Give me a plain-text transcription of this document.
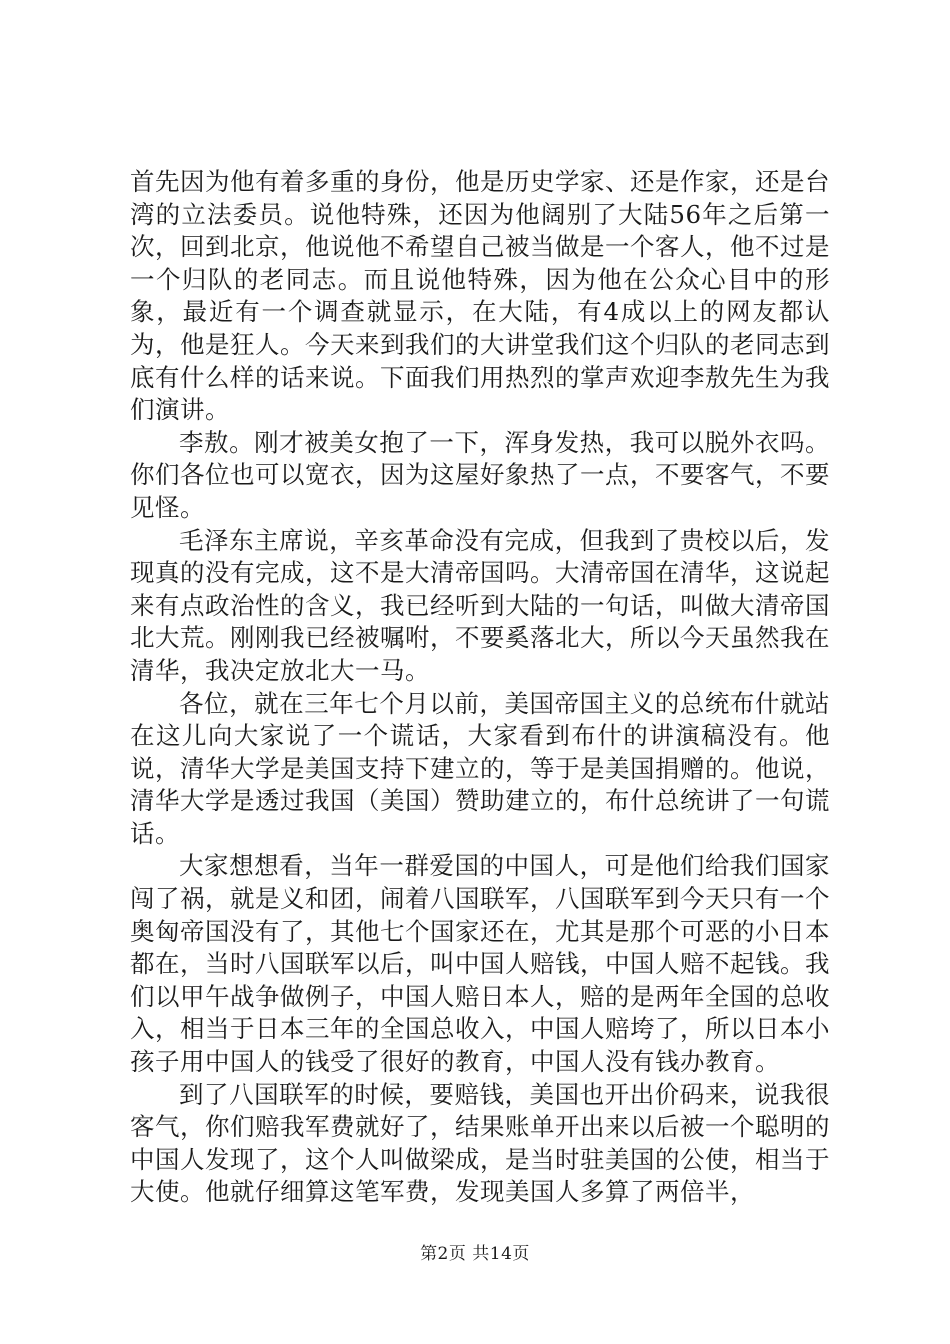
首先因为他有着多重的身份，他是历史学家、还是作家，还是台湾的立法委员。说他特殊，还因为他阔别了大陆56年之后第一次，回到北京，他说他不希望自己被当做是一个客人，他不过是一个归队的老同志。而且说他特殊，因为他在公众心目中的形象，最近有一个调查就显示，在大陆，有4成以上的网友都认为，他是狂人。今天来到我们的大讲堂我们这个归队的老同志到底有什么样的话来说。下面我们用热烈的掌声欢迎李敖先生为我们演讲。

李敖。刚才被美女抱了一下，浑身发热，我可以脱外衣吗。你们各位也可以宽衣，因为这屋好象热了一点，不要客气，不要见怪。

毛泽东主席说，辛亥革命没有完成，但我到了贵校以后，发现真的没有完成，这不是大清帝国吗。大清帝国在清华，这说起来有点政治性的含义，我已经听到大陆的一句话，叫做大清帝国北大荒。刚刚我已经被嘱咐，不要奚落北大，所以今天虽然我在清华，我决定放北大一马。

各位，就在三年七个月以前，美国帝国主义的总统布什就站在这儿向大家说了一个谎话，大家看到布什的讲演稿没有。他说，清华大学是美国支持下建立的，等于是美国捐赠的。他说，清华大学是透过我国（美国）赞助建立的，布什总统讲了一句谎话。

大家想想看，当年一群爱国的中国人，可是他们给我们国家闯了祸，就是义和团，闹着八国联军，八国联军到今天只有一个奥匈帝国没有了，其他七个国家还在，尤其是那个可恶的小日本都在，当时八国联军以后，叫中国人赔钱，中国人赔不起钱。我们以甲午战争做例子，中国人赔日本人，赔的是两年全国的总收入，相当于日本三年的全国总收入，中国人赔垮了，所以日本小孩子用中国人的钱受了很好的教育，中国人没有钱办教育。

到了八国联军的时候，要赔钱，美国也开出价码来，说我很客气，你们赔我军费就好了，结果账单开出来以后被一个聪明的中国人发现了，这个人叫做梁成，是当时驻美国的公使，相当于大使。他就仔细算这笔军费，发现美国人多算了两倍半，

第2页 共14页
